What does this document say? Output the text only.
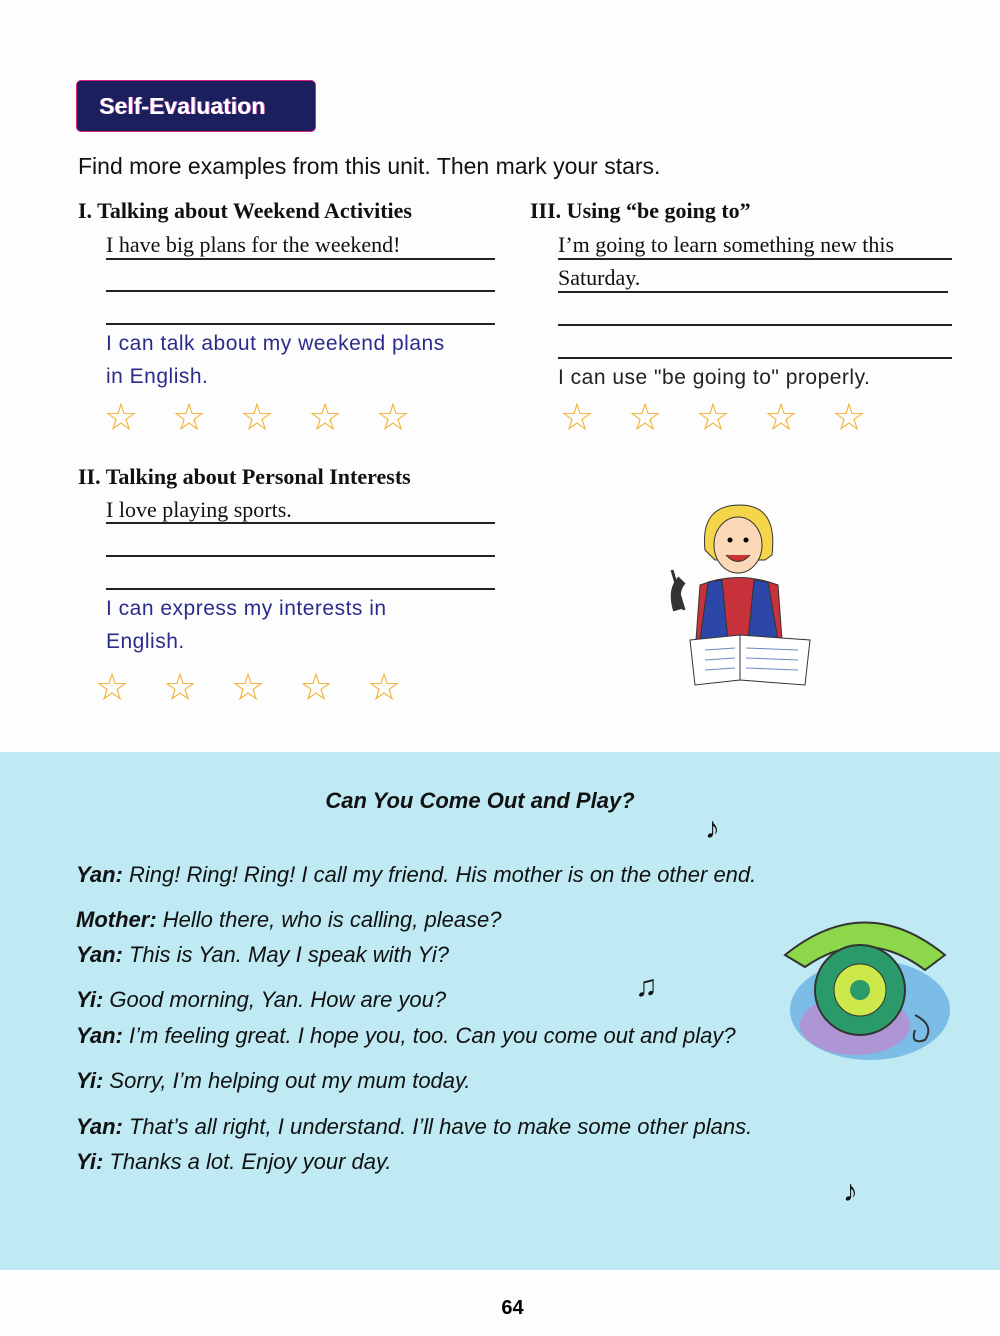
Self-Evaluation
Find more examples from this unit. Then mark your stars.
I. Talking about Weekend Activities
I have big plans for the weekend!
I can talk about my weekend plans
in English.
☆ ☆ ☆ ☆ ☆
III. Using “be going to”
I’m going to learn something new this
Saturday.
I can use "be going to" properly.
☆ ☆ ☆ ☆ ☆
II. Talking about Personal Interests
I love playing sports.
I can express my interests in
English.
☆ ☆ ☆ ☆ ☆
Can You Come Out and Play?
Yan: Ring! Ring! Ring! I call my friend. His mother is on the other end.
Mother: Hello there, who is calling, please?
Yan: This is Yan. May I speak with Yi?
Yi: Good morning, Yan. How are you?
Yan: I’m feeling great. I hope you, too. Can you come out and play?
Yi: Sorry, I’m helping out my mum today.
Yan: That’s all right, I understand. I’ll have to make some other plans.
Yi: Thanks a lot. Enjoy your day.
♪
♫
♪
64
